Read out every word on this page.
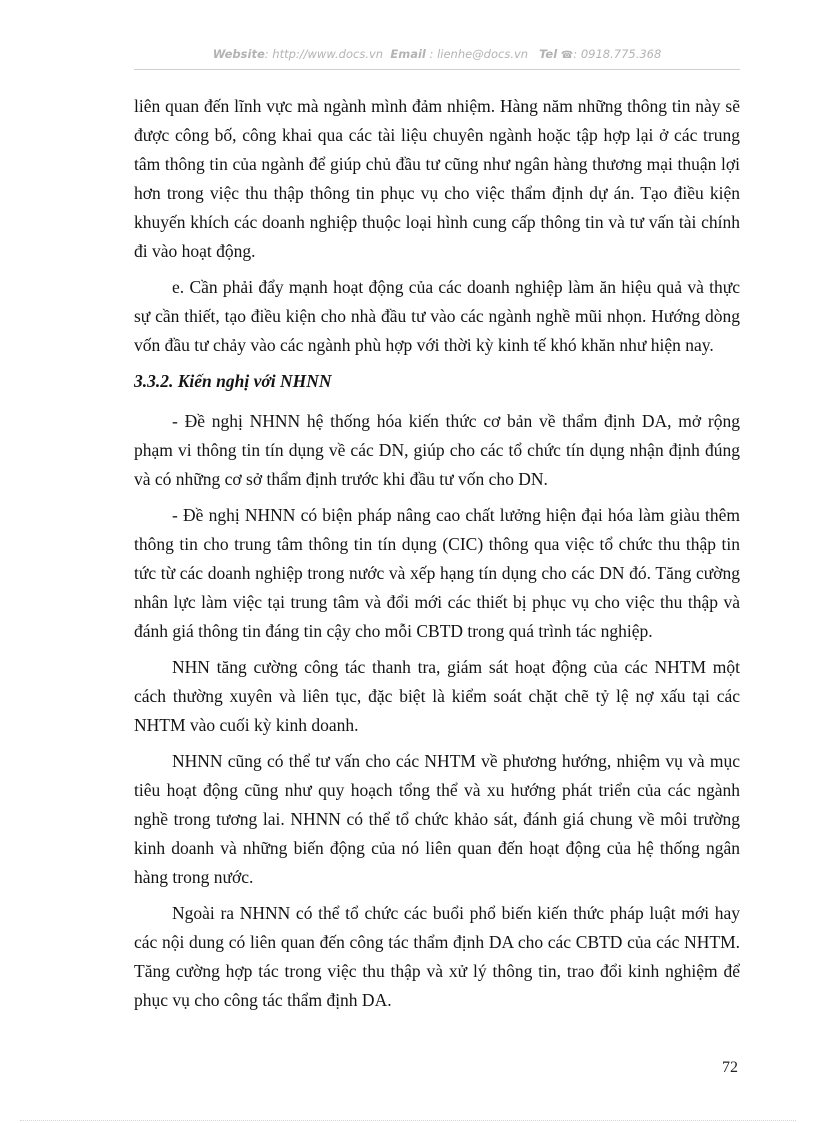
Website: http://www.docs.vn Email : lienhe@docs.vn Tel ☎: 0918.775.368

liên quan đến lĩnh vực mà ngành mình đảm nhiệm. Hàng năm những thông tin này sẽ được công bố, công khai qua các tài liệu chuyên ngành hoặc tập hợp lại ở các trung tâm thông tin của ngành để giúp chủ đầu tư cũng như ngân hàng thương mại thuận lợi hơn trong việc thu thập thông tin phục vụ cho việc thẩm định dự án. Tạo điều kiện khuyến khích các doanh nghiệp thuộc loại hình cung cấp thông tin và tư vấn tài chính đi vào hoạt động.

e. Cần phải đẩy mạnh hoạt động của các doanh nghiệp làm ăn hiệu quả và thực sự cần thiết, tạo điều kiện cho nhà đầu tư vào các ngành nghề mũi nhọn. Hướng dòng vốn đầu tư chảy vào các ngành phù hợp với thời kỳ kinh tế khó khăn như hiện nay.

3.3.2. Kiến nghị với NHNN

- Đề nghị NHNN hệ thống hóa kiến thức cơ bản về thẩm định DA, mở rộng phạm vi thông tin tín dụng về các DN, giúp cho các tổ chức tín dụng nhận định đúng và có những cơ sở thẩm định trước khi đầu tư vốn cho DN.

- Đề nghị NHNN có biện pháp nâng cao chất lưởng hiện đại hóa làm giàu thêm thông tin cho trung tâm thông tin tín dụng (CIC) thông qua việc tổ chức thu thập tin tức từ các doanh nghiệp trong nước và xếp hạng tín dụng cho các DN đó. Tăng cường nhân lực làm việc tại trung tâm và đổi mới các thiết bị phục vụ cho việc thu thập và đánh giá thông tin đáng tin cậy cho mỗi CBTD trong quá trình tác nghiệp.

NHN tăng cường công tác thanh tra, giám sát hoạt động của các NHTM một cách thường xuyên và liên tục, đặc biệt là kiểm soát chặt chẽ tỷ lệ nợ xấu tại các NHTM vào cuối kỳ kinh doanh.

NHNN cũng có thể tư vấn cho các NHTM về phương hướng, nhiệm vụ và mục tiêu hoạt động cũng như quy hoạch tổng thể và xu hướng phát triển của các ngành nghề trong tương lai. NHNN có thể tổ chức khảo sát, đánh giá chung về môi trường kinh doanh và những biến động của nó liên quan đến hoạt động của hệ thống ngân hàng trong nước.

Ngoài ra NHNN có thể tổ chức các buổi phổ biến kiến thức pháp luật mới hay các nội dung có liên quan đến công tác thẩm định DA cho các CBTD của các NHTM. Tăng cường hợp tác trong việc thu thập và xử lý thông tin, trao đổi kinh nghiệm để phục vụ cho công tác thẩm định DA.

72
